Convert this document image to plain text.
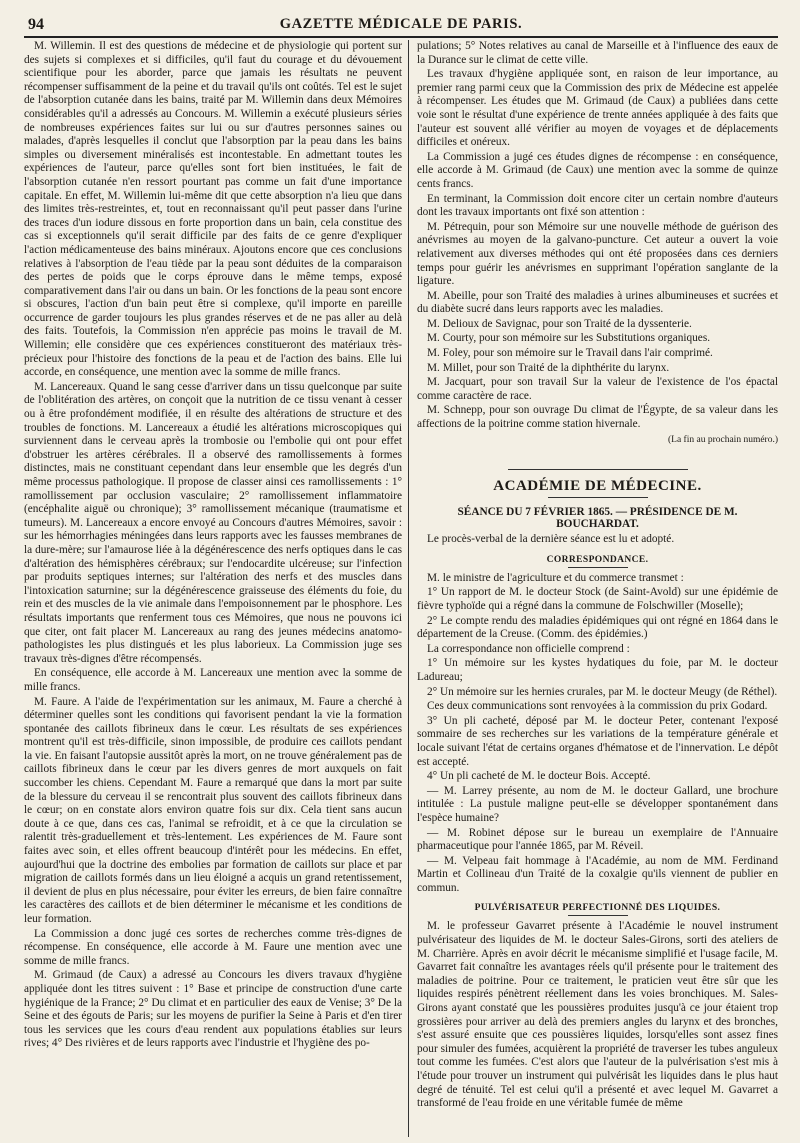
94	GAZETTE MÉDICALE DE PARIS.

M. Willemin. Il est des questions de médecine et de physiologie qui portent sur des sujets si complexes et si difficiles, qu'il faut du courage et du dévouement scientifique pour les aborder, parce que jamais les résultats ne peuvent récompenser suffisamment de la peine et du travail qu'ils ont coûtés. Tel est le sujet de l'absorption cutanée dans les bains, traité par M. Willemin dans deux Mémoires considérables qu'il a adressés au Concours. M. Willemin a exécuté plusieurs séries de nombreuses expériences faites sur lui ou sur d'autres personnes saines ou malades, d'après lesquelles il conclut que l'absorption par la peau dans les bains simples ou diversement minéralisés est incontestable. En admettant toutes les expériences de l'auteur, parce qu'elles sont fort bien instituées, le fait de l'absorption cutanée n'en ressort pourtant pas comme un fait d'une importance capitale. En effet, M. Willemin lui-même dit que cette absorption n'a lieu que dans des limites très-restreintes, et, tout en reconnaissant qu'il peut passer dans l'urine des traces d'un iodure dissous en forte proportion dans un bain, cela constitue des cas si exceptionnels qu'il serait difficile par des faits de ce genre d'expliquer l'action médicamenteuse des bains minéraux. Ajoutons encore que ces conclusions relatives à l'absorption de l'eau tiède par la peau sont déduites de la comparaison des pertes de poids que le corps éprouve dans le même temps, exposé comparativement dans l'air ou dans un bain. Or les fonctions de la peau sont encore si obscures, l'action d'un bain peut être si complexe, qu'il importe en pareille occurrence de garder toujours les plus grandes réserves et de ne pas aller au delà des faits. Toutefois, la Commission n'en apprécie pas moins le travail de M. Willemin; elle considère que ces expériences constitueront des matériaux très-précieux pour l'histoire des fonctions de la peau et de l'action des bains. Elle lui accorde, en conséquence, une mention avec la somme de mille francs.

M. Lancereaux. Quand le sang cesse d'arriver dans un tissu quelconque par suite de l'oblitération des artères, on conçoit que la nutrition de ce tissu venant à cesser ou à être profondément modifiée, il en résulte des altérations de structure et des troubles de fonctions. M. Lancereaux a étudié les altérations microscopiques qui surviennent dans le cerveau après la trombosie ou l'embolie qui ont pour effet d'obstruer les artères cérébrales. Il a observé des ramollissements à formes distinctes, mais ne constituant cependant dans leur ensemble que les degrés d'un même processus pathologique. Il propose de classer ainsi ces ramollissements : 1° ramollissement par occlusion vasculaire; 2° ramollissement inflammatoire (encéphalite aiguë ou chronique); 3° ramollissement mécanique (traumatisme et tumeurs). M. Lancereaux a encore envoyé au Concours d'autres Mémoires, savoir : sur les hémorrhagies méningées dans leurs rapports avec les fausses membranes de la dure-mère; sur l'amaurose liée à la dégénérescence des nerfs optiques dans le cas d'altération des hémisphères cérébraux; sur l'endocardite ulcéreuse; sur l'infection par produits septiques internes; sur l'altération des nerfs et des muscles dans l'intoxication saturnine; sur la dégénérescence graisseuse des éléments du foie, du rein et des muscles de la vie animale dans l'empoisonnement par le phosphore. Les résultats importants que renferment tous ces Mémoires, que nous ne pouvons ici que citer, ont fait placer M. Lancereaux au rang des jeunes médecins anatomo-pathologistes les plus distingués et les plus laborieux. La Commission juge ses travaux très-dignes d'être récompensés.

En conséquence, elle accorde à M. Lancereaux une mention avec la somme de mille francs.

M. Faure. A l'aide de l'expérimentation sur les animaux, M. Faure a cherché à déterminer quelles sont les conditions qui favorisent pendant la vie la formation spontanée des caillots fibrineux dans le cœur. Les résultats de ses expériences montrent qu'il est très-difficile, sinon impossible, de produire ces caillots pendant la vie. En faisant l'autopsie aussitôt après la mort, on ne trouve généralement pas de caillots fibrineux dans le cœur par les divers genres de mort auxquels on fait succomber les chiens. Cependant M. Faure a remarqué que dans la mort par suite de la blessure du cerveau il se rencontrait plus souvent des caillots fibrineux dans le cœur; on en constate alors environ quatre fois sur dix. Cela tient sans aucun doute à ce que, dans ces cas, l'animal se refroidit, et à ce que la circulation se ralentit très-graduellement et très-lentement. Les expériences de M. Faure sont faites avec soin, et elles offrent beaucoup d'intérêt pour les médecins. En effet, aujourd'hui que la doctrine des embolies par formation de caillots sur place et par migration de caillots formés dans un lieu éloigné a acquis un grand retentissement, il devient de plus en plus nécessaire, pour éviter les erreurs, de bien faire connaître les caractères des caillots et de bien déterminer le mécanisme et les conditions de leur formation.

La Commission a donc jugé ces sortes de recherches comme très-dignes de récompense. En conséquence, elle accorde à M. Faure une mention avec une somme de mille francs.

M. Grimaud (de Caux) a adressé au Concours les divers travaux d'hygiène appliquée dont les titres suivent : 1° Base et principe de construction d'une carte hygiénique de la France; 2° Du climat et en particulier des eaux de Venise; 3° De la Seine et des égouts de Paris; sur les moyens de purifier la Seine à Paris et d'en tirer tous les services que les cours d'eau rendent aux populations établies sur leurs rives; 4° Des rivières et de leurs rapports avec l'industrie et l'hygiène des po-

pulations; 5° Notes relatives au canal de Marseille et à l'influence des eaux de la Durance sur le climat de cette ville.

Les travaux d'hygiène appliquée sont, en raison de leur importance, au premier rang parmi ceux que la Commission des prix de Médecine est appelée à récompenser. Les études que M. Grimaud (de Caux) a publiées dans cette voie sont le résultat d'une expérience de trente années appliquée à des faits que l'auteur est souvent allé vérifier au moyen de voyages et de déplacements difficiles et onéreux.

La Commission a jugé ces études dignes de récompense : en conséquence, elle accorde à M. Grimaud (de Caux) une mention avec la somme de quinze cents francs.

En terminant, la Commission doit encore citer un certain nombre d'auteurs dont les travaux importants ont fixé son attention :

M. Pétrequin, pour son Mémoire sur une nouvelle méthode de guérison des anévrismes au moyen de la galvano-puncture. Cet auteur a ouvert la voie relativement aux diverses méthodes qui ont été proposées dans ces derniers temps pour guérir les anévrismes en supprimant l'opération sanglante de la ligature.

M. Abeille, pour son Traité des maladies à urines albumineuses et sucrées et du diabète sucré dans leurs rapports avec les maladies.

M. Delioux de Savignac, pour son Traité de la dyssenterie.

M. Courty, pour son mémoire sur les Substitutions organiques.

M. Foley, pour son mémoire sur le Travail dans l'air comprimé.

M. Millet, pour son Traité de la diphthérite du larynx.

M. Jacquart, pour son travail Sur la valeur de l'existence de l'os épactal comme caractère de race.

M. Schnepp, pour son ouvrage Du climat de l'Égypte, de sa valeur dans les affections de la poitrine comme station hivernale.

(La fin au prochain numéro.)

ACADÉMIE DE MÉDECINE.
SÉANCE DU 7 FÉVRIER 1865. — PRÉSIDENCE DE M. BOUCHARDAT.

Le procès-verbal de la dernière séance est lu et adopté.

CORRESPONDANCE.

M. le ministre de l'agriculture et du commerce transmet :

1° Un rapport de M. le docteur Stock (de Saint-Avold) sur une épidémie de fièvre typhoïde qui a régné dans la commune de Folschwiller (Moselle);

2° Le compte rendu des maladies épidémiques qui ont régné en 1864 dans le département de la Creuse. (Comm. des épidémies.)

La correspondance non officielle comprend :

1° Un mémoire sur les kystes hydatiques du foie, par M. le docteur Ladureau;

2° Un mémoire sur les hernies crurales, par M. le docteur Meugy (de Réthel).

Ces deux communications sont renvoyées à la commission du prix Godard.

3° Un pli cacheté, déposé par M. le docteur Peter, contenant l'exposé sommaire de ses recherches sur les variations de la température générale et locale suivant l'état de certains organes d'hématose et de l'innervation. Le dépôt est accepté.

4° Un pli cacheté de M. le docteur Bois. Accepté.

— M. Larrey présente, au nom de M. le docteur Gallard, une brochure intitulée : La pustule maligne peut-elle se développer spontanément dans l'espèce humaine?

— M. Robinet dépose sur le bureau un exemplaire de l'Annuaire pharmaceutique pour l'année 1865, par M. Réveil.

— M. Velpeau fait hommage à l'Académie, au nom de MM. Ferdinand Martin et Collineau d'un Traité de la coxalgie qu'ils viennent de publier en commun.

PULVÉRISATEUR PERFECTIONNÉ DES LIQUIDES.

M. le professeur Gavarret présente à l'Académie le nouvel instrument pulvérisateur des liquides de M. le docteur Sales-Girons, sorti des ateliers de M. Charrière. Après en avoir décrit le mécanisme simplifié et l'usage facile, M. Gavarret fait connaître les avantages réels qu'il présente pour le traitement des maladies de poitrine. Pour ce traitement, le praticien veut être sûr que les liquides respirés pénètrent réellement dans les voies bronchiques. M. Sales-Girons ayant constaté que les poussières produites jusqu'à ce jour étaient trop grossières pour arriver au delà des premiers angles du larynx et des bronches, s'est assuré ensuite que ces poussières liquides, lorsqu'elles sont assez fines pour simuler des fumées, acquièrent la propriété de traverser les tubes anguleux tout comme les fumées. C'est alors que l'auteur de la pulvérisation s'est mis à l'étude pour trouver un instrument qui pulvérisât les liquides dans le plus haut degré de ténuité. Tel est celui qu'il a présenté et avec lequel M. Gavarret a transformé de l'eau froide en une véritable fumée de même
